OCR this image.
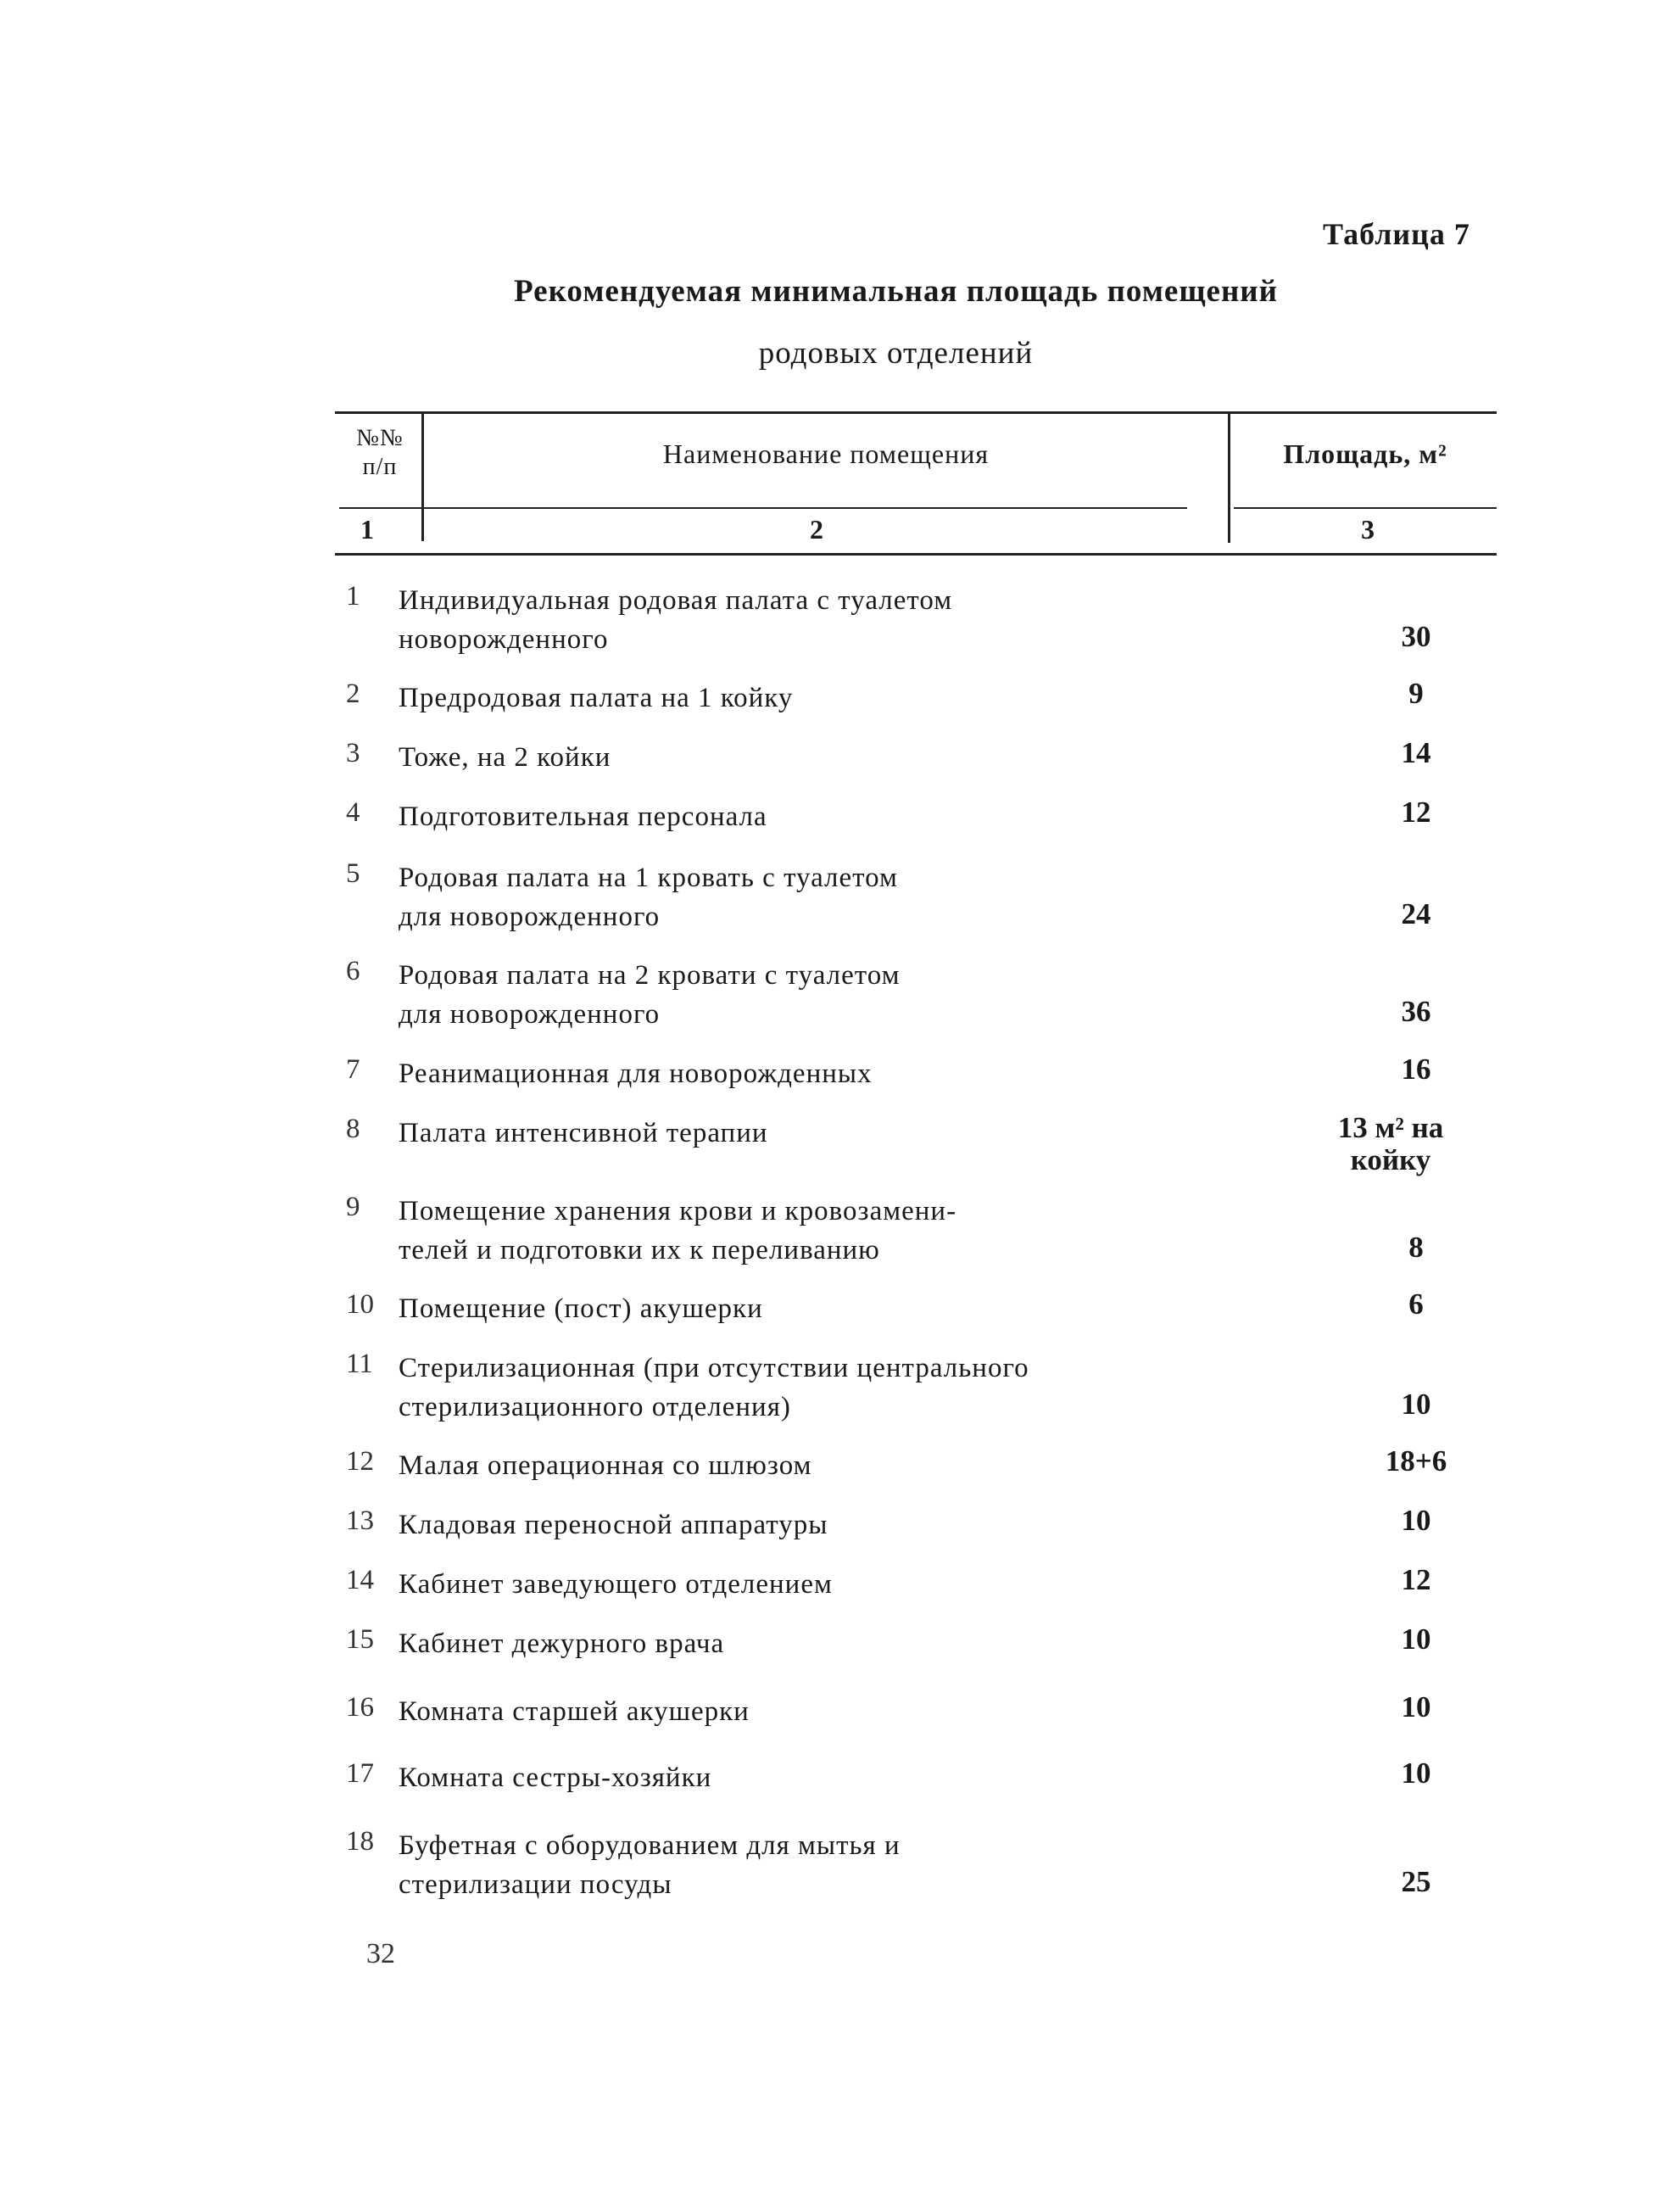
Таблица 7
Рекомендуемая минимальная площадь помещений
родовых отделений
№№
п/п	Наименование помещения	Площадь, м²
1	2	3
1	Индивидуальная родовая палата с туалетом
новорожденного	30
2	Предродовая палата на 1 койку	9
3	Тоже, на 2 койки	14
4	Подготовительная персонала	12
5	Родовая палата на 1 кровать с туалетом
для новорожденного	24
6	Родовая палата на 2 кровати с туалетом
для новорожденного	36
7	Реанимационная для новорожденных	16
8	Палата интенсивной терапии	13 м² на койку
9	Помещение хранения крови и кровозамени-
телей и подготовки их к переливанию	8
10 Помещение (пост) акушерки	6
11 Стерилизационная (при отсутствии центрального
стерилизационного отделения)	10
12 Малая операционная со шлюзом	18+6
13 Кладовая переносной аппаратуры	10
14 Кабинет заведующего отделением	12
15 Кабинет дежурного врача	10
16 Комната старшей акушерки	10
17 Комната сестры-хозяйки	10
18 Буфетная с оборудованием для мытья и
стерилизации посуды	25
32
